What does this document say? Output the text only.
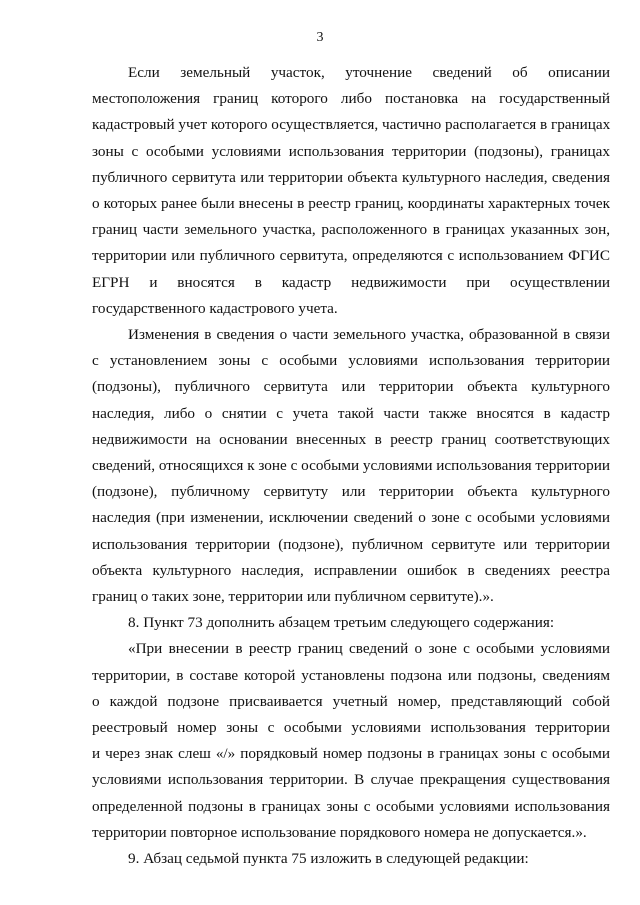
3
Если земельный участок, уточнение сведений об описании
местоположения границ которого либо постановка на государственный
кадастровый учет которого осуществляется, частично располагается в границах
зоны с особыми условиями использования территории (подзоны), границах
публичного сервитута или территории объекта культурного наследия, сведения
о которых ранее были внесены в реестр границ, координаты характерных точек
границ части земельного участка, расположенного в границах указанных зон,
территории или публичного сервитута, определяются с использованием ФГИС
ЕГРН и вносятся в кадастр недвижимости при осуществлении
государственного кадастрового учета.
Изменения в сведения о части земельного участка, образованной в связи
с установлением зоны с особыми условиями использования территории
(подзоны), публичного сервитута или территории объекта культурного
наследия, либо о снятии с учета такой части также вносятся в кадастр
недвижимости на основании внесенных в реестр границ соответствующих
сведений, относящихся к зоне с особыми условиями использования территории
(подзоне), публичному сервитуту или территории объекта культурного
наследия (при изменении, исключении сведений о зоне с особыми условиями
использования территории (подзоне), публичном сервитуте или территории
объекта культурного наследия, исправлении ошибок в сведениях реестра
границ о таких зоне, территории или публичном сервитуте).».
8. Пункт 73 дополнить абзацем третьим следующего содержания:
«При внесении в реестр границ сведений о зоне с особыми условиями
территории, в составе которой установлены подзона или подзоны, сведениям
о каждой подзоне присваивается учетный номер, представляющий собой
реестровый номер зоны с особыми условиями использования территории
и через знак слеш «/» порядковый номер подзоны в границах зоны с особыми
условиями использования территории. В случае прекращения существования
определенной подзоны в границах зоны с особыми условиями использования
территории повторное использование порядкового номера не допускается.».
9. Абзац седьмой пункта 75 изложить в следующей редакции:
